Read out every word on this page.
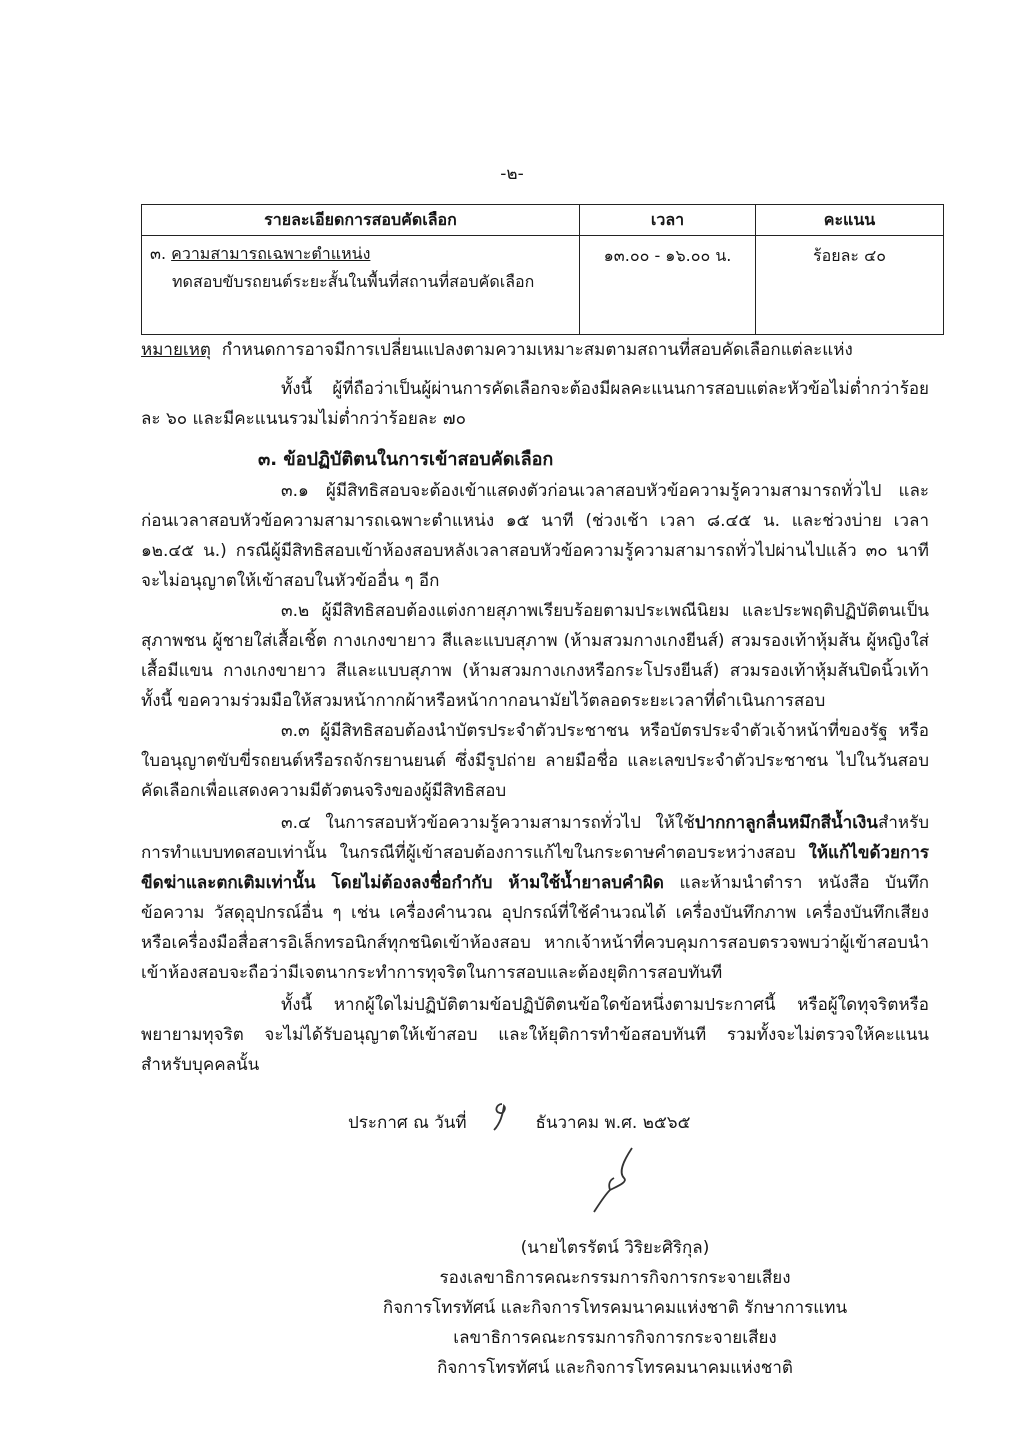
-๒-
รายละเอียดการสอบคัดเลือก	เวลา	คะแนน
๓. ความสามารถเฉพาะตำแหน่ง
ทดสอบขับรถยนต์ระยะสั้นในพื้นที่สถานที่สอบคัดเลือก	๑๓.๐๐ - ๑๖.๐๐ น.	ร้อยละ ๔๐
หมายเหตุ กำหนดการอาจมีการเปลี่ยนแปลงตามความเหมาะสมตามสถานที่สอบคัดเลือกแต่ละแห่ง
ทั้งนี้ ผู้ที่ถือว่าเป็นผู้ผ่านการคัดเลือกจะต้องมีผลคะแนนการสอบแต่ละหัวข้อไม่ต่ำกว่าร้อยละ ๖๐ และมีคะแนนรวมไม่ต่ำกว่าร้อยละ ๗๐
๓. ข้อปฏิบัติตนในการเข้าสอบคัดเลือก
๓.๑ ผู้มีสิทธิสอบจะต้องเข้าแสดงตัวก่อนเวลาสอบหัวข้อความรู้ความสามารถทั่วไป และก่อนเวลาสอบหัวข้อความสามารถเฉพาะตำแหน่ง ๑๕ นาที (ช่วงเช้า เวลา ๘.๔๕ น. และช่วงบ่าย เวลา ๑๒.๔๕ น.) กรณีผู้มีสิทธิสอบเข้าห้องสอบหลังเวลาสอบหัวข้อความรู้ความสามารถทั่วไปผ่านไปแล้ว ๓๐ นาที จะไม่อนุญาตให้เข้าสอบในหัวข้ออื่น ๆ อีก
๓.๒ ผู้มีสิทธิสอบต้องแต่งกายสุภาพเรียบร้อยตามประเพณีนิยม และประพฤติปฏิบัติตนเป็นสุภาพชน ผู้ชายใส่เสื้อเชิ้ต กางเกงขายาว สีและแบบสุภาพ (ห้ามสวมกางเกงยีนส์) สวมรองเท้าหุ้มส้น ผู้หญิงใส่เสื้อมีแขน กางเกงขายาว สีและแบบสุภาพ (ห้ามสวมกางเกงหรือกระโปรงยีนส์) สวมรองเท้าหุ้มส้นปิดนิ้วเท้า ทั้งนี้ ขอความร่วมมือให้สวมหน้ากากผ้าหรือหน้ากากอนามัยไว้ตลอดระยะเวลาที่ดำเนินการสอบ
๓.๓ ผู้มีสิทธิสอบต้องนำบัตรประจำตัวประชาชน หรือบัตรประจำตัวเจ้าหน้าที่ของรัฐ หรือใบอนุญาตขับขี่รถยนต์หรือรถจักรยานยนต์ ซึ่งมีรูปถ่าย ลายมือชื่อ และเลขประจำตัวประชาชน ไปในวันสอบคัดเลือกเพื่อแสดงความมีตัวตนจริงของผู้มีสิทธิสอบ
๓.๔ ในการสอบหัวข้อความรู้ความสามารถทั่วไป ให้ใช้ปากกาลูกลื่นหมึกสีน้ำเงินสำหรับการทำแบบทดสอบเท่านั้น ในกรณีที่ผู้เข้าสอบต้องการแก้ไขในกระดาษคำตอบระหว่างสอบ ให้แก้ไขด้วยการขีดฆ่าและตกเติมเท่านั้น โดยไม่ต้องลงชื่อกำกับ ห้ามใช้น้ำยาลบคำผิด และห้ามนำตำรา หนังสือ บันทึกข้อความ วัสดุอุปกรณ์อื่น ๆ เช่น เครื่องคำนวณ อุปกรณ์ที่ใช้คำนวณได้ เครื่องบันทึกภาพ เครื่องบันทึกเสียง หรือเครื่องมือสื่อสารอิเล็กทรอนิกส์ทุกชนิดเข้าห้องสอบ หากเจ้าหน้าที่ควบคุมการสอบตรวจพบว่าผู้เข้าสอบนำเข้าห้องสอบจะถือว่ามีเจตนากระทำการทุจริตในการสอบและต้องยุติการสอบทันที
ทั้งนี้ หากผู้ใดไม่ปฏิบัติตามข้อปฏิบัติตนข้อใดข้อหนึ่งตามประกาศนี้ หรือผู้ใดทุจริตหรือพยายามทุจริต จะไม่ได้รับอนุญาตให้เข้าสอบ และให้ยุติการทำข้อสอบทันที รวมทั้งจะไม่ตรวจให้คะแนนสำหรับบุคคลนั้น
ประกาศ ณ วันที่	ธันวาคม พ.ศ. ๒๕๖๕
(นายไตรรัตน์ วิริยะศิริกุล)
รองเลขาธิการคณะกรรมการกิจการกระจายเสียง
กิจการโทรทัศน์ และกิจการโทรคมนาคมแห่งชาติ รักษาการแทน
เลขาธิการคณะกรรมการกิจการกระจายเสียง
กิจการโทรทัศน์ และกิจการโทรคมนาคมแห่งชาติ
